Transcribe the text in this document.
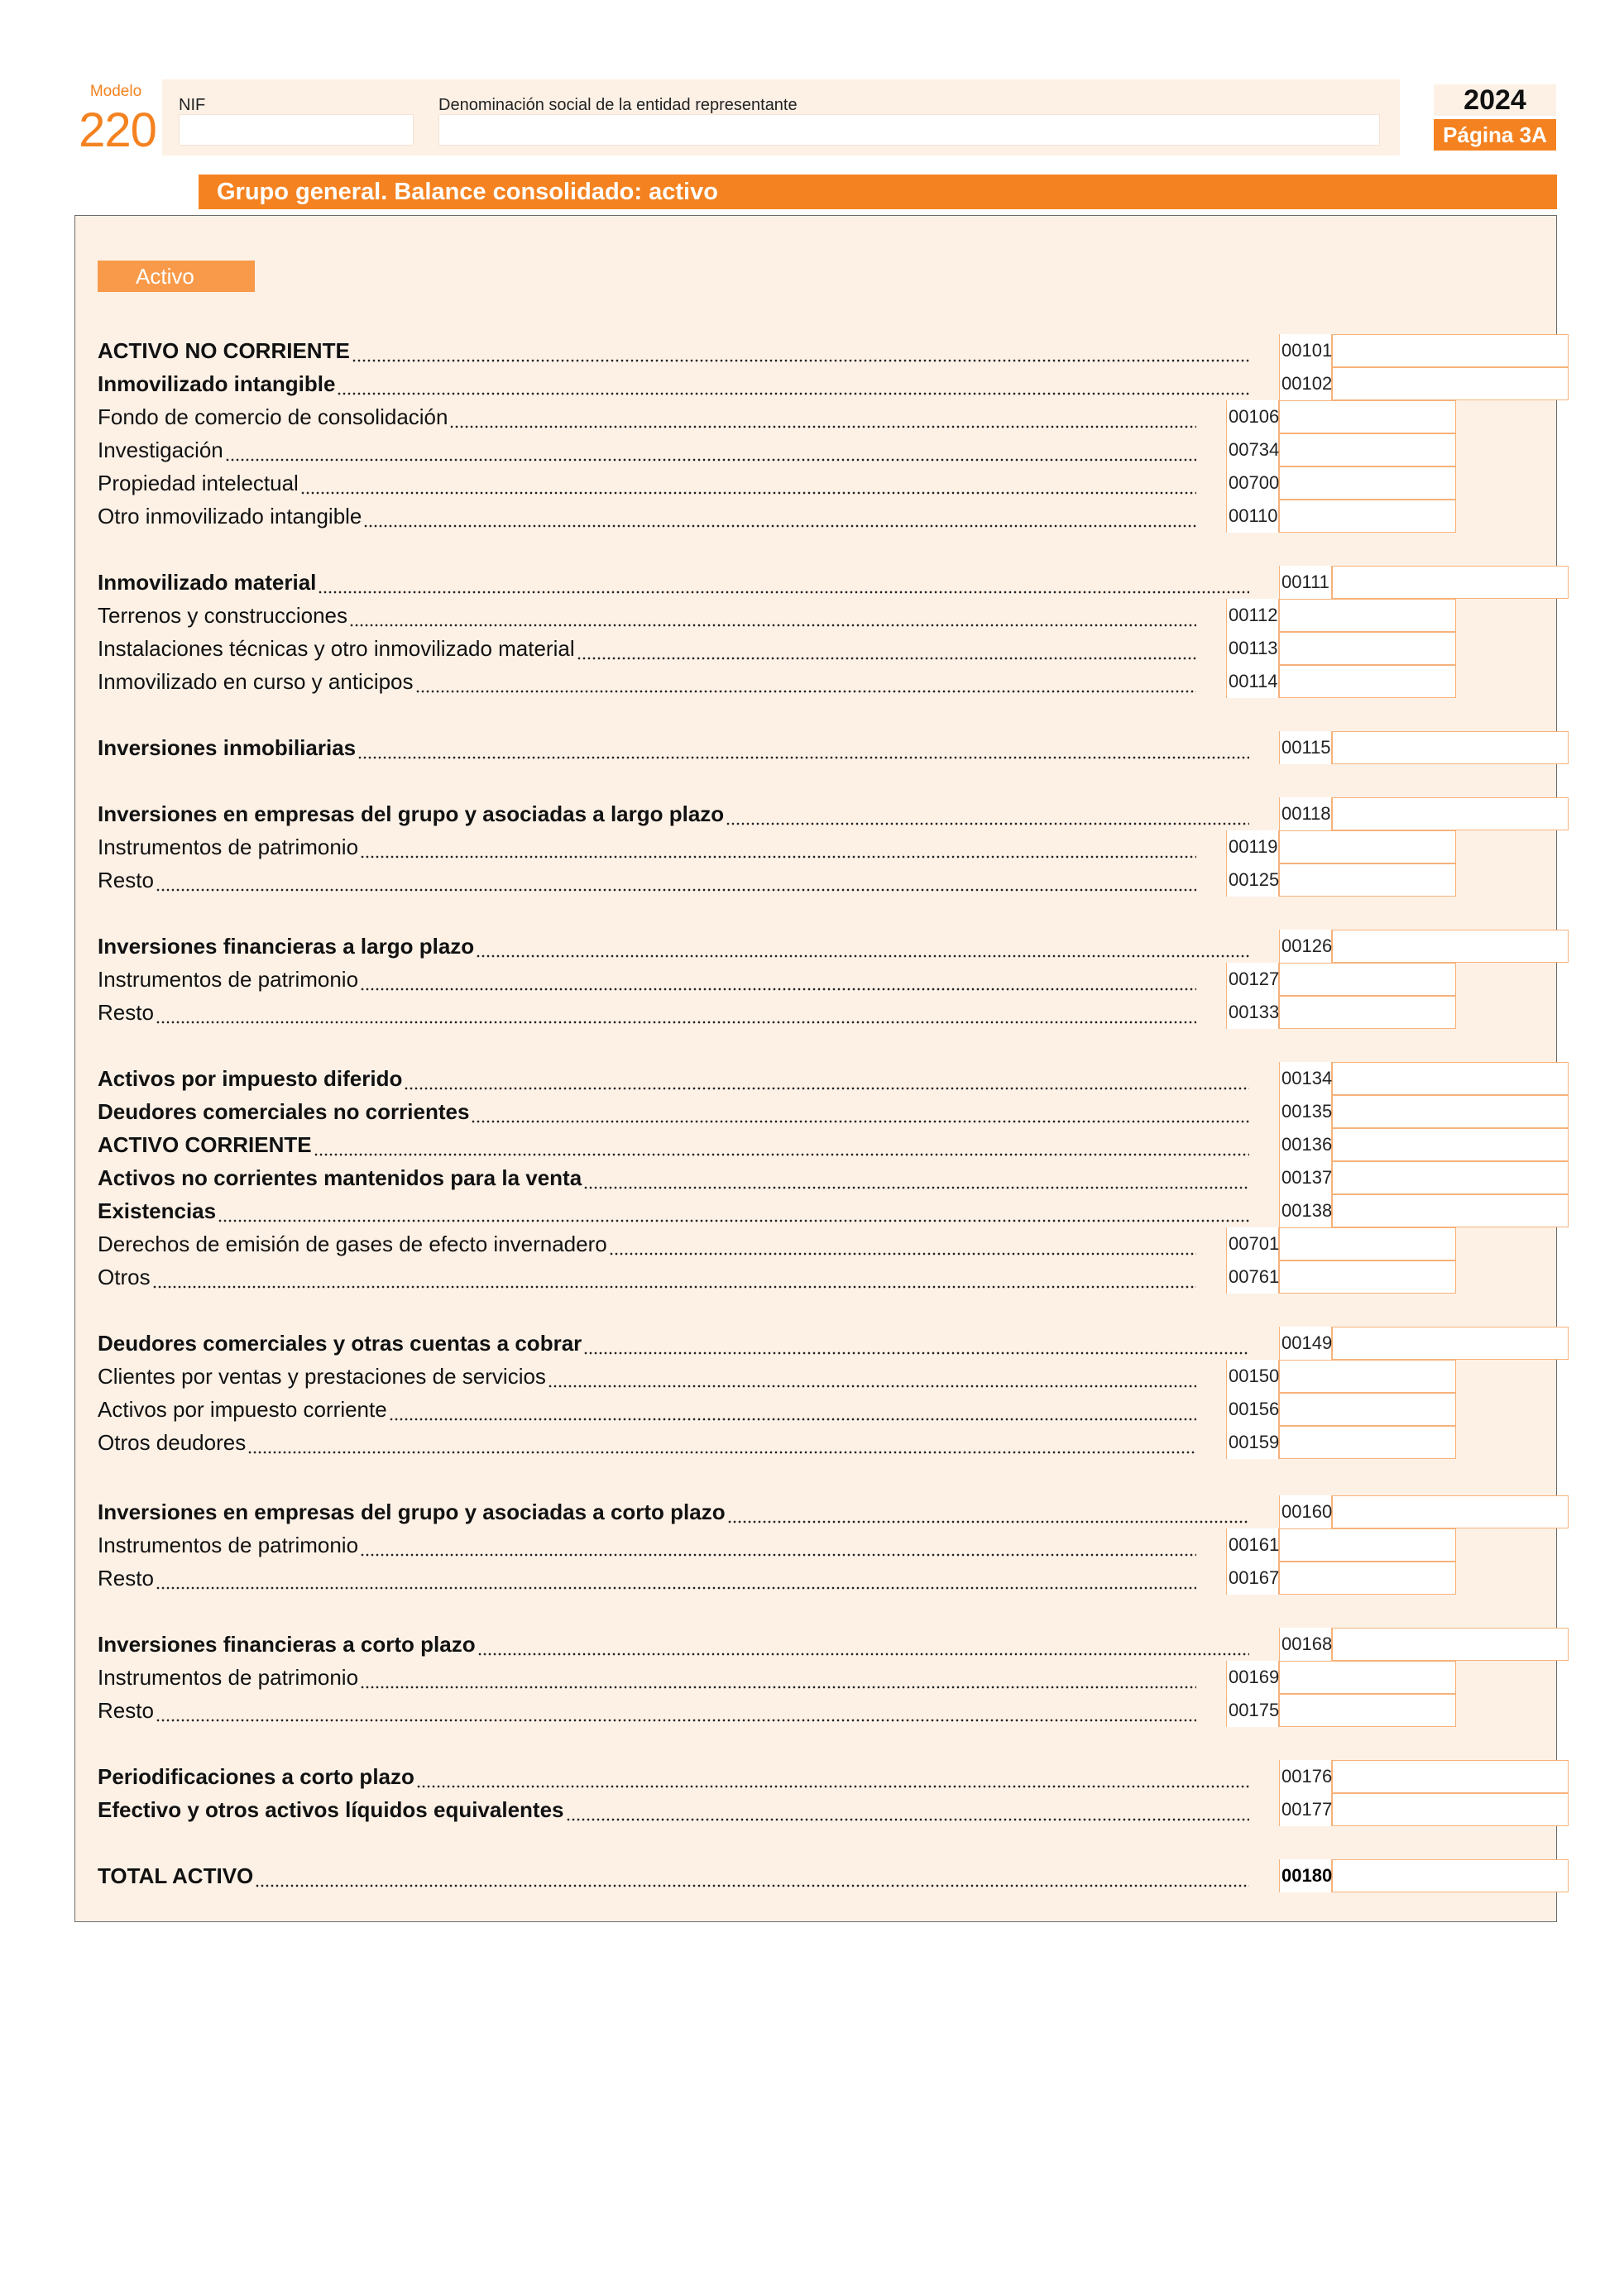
Modelo
220 NIF	Denominación social de la entidad representante	2024
Página 3A
Grupo general. Balance consolidado: activo
Activo
ACTIVO NO CORRIENTE	00101
Inmovilizado intangible	00102
Fondo de comercio de consolidación	00106
Investigación	00734
Propiedad intelectual	00700
Otro inmovilizado intangible	00110
Inmovilizado material	00111
Terrenos y construcciones	00112
Instalaciones técnicas y otro inmovilizado material	00113
Inmovilizado en curso y anticipos	00114
Inversiones inmobiliarias	00115
Inversiones en empresas del grupo y asociadas a largo plazo	00118
Instrumentos de patrimonio	00119
Resto	00125
Inversiones financieras a largo plazo	00126
Instrumentos de patrimonio	00127
Resto	00133
Activos por impuesto diferido	00134
Deudores comerciales no corrientes	00135
ACTIVO CORRIENTE	00136
Activos no corrientes mantenidos para la venta	00137
Existencias	00138
Derechos de emisión de gases de efecto invernadero	00701
Otros	00761
Deudores comerciales y otras cuentas a cobrar	00149
Clientes por ventas y prestaciones de servicios	00150
Activos por impuesto corriente	00156
Otros deudores	00159
Inversiones en empresas del grupo y asociadas a corto plazo	00160
Instrumentos de patrimonio	00161
Resto	00167
Inversiones financieras a corto plazo	00168
Instrumentos de patrimonio	00169
Resto	00175
Periodificaciones a corto plazo	00176
Efectivo y otros activos líquidos equivalentes	00177
TOTAL ACTIVO	00180
